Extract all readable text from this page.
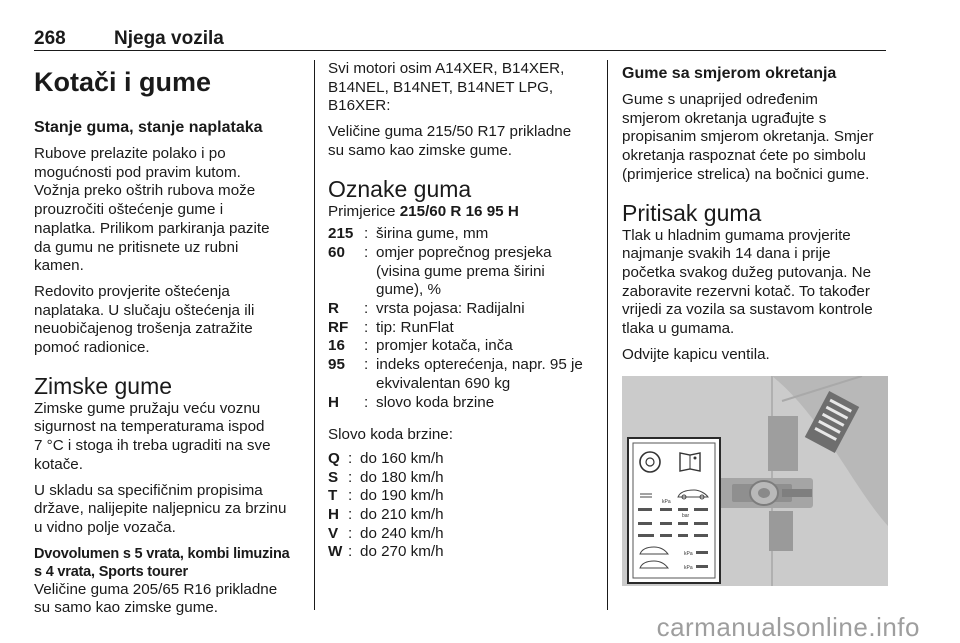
268	Njega vozila
Kotači i gume
Stanje guma, stanje naplataka

Rubove prelazite polako i po
mogućnosti pod pravim kutom.
Vožnja preko oštrih rubova može
prouzročiti oštećenje gume i
naplatka. Prilikom parkiranja pazite
da gumu ne pritisnete uz rubni
kamen.

Redovito provjerite oštećenja
naplataka. U slučaju oštećenja ili
neuobičajenog trošenja zatražite
pomoć radionice.

Zimske gume

Zimske gume pružaju veću voznu
sigurnost na temperaturama ispod
7 °C i stoga ih treba ugraditi na sve
kotače.

U skladu sa specifičnim propisima
države, nalijepite naljepnicu za brzinu
u vidno polje vozača.

Dvovolumen s 5 vrata, kombi limuzina
s 4 vrata, Sports tourer

Veličine guma 205/65 R16 prikladne
su samo kao zimske gume.

Svi motori osim A14XER, B14XER,
B14NEL, B14NET, B14NET LPG,
B16XER:

Veličine guma 215/50 R17 prikladne
su samo kao zimske gume.

Oznake guma

Primjerice 215/60 R 16 95 H

215	:	širina gume, mm
60	:	omjer poprečnog presjeka
(visina gume prema širini
gume), %
R	:	vrsta pojasa: Radijalni
RF	:	tip: RunFlat
16	:	promjer kotača, inča
95	:	indeks opterećenja, napr. 95 je
ekvivalentan 690 kg
H	:	slovo koda brzine

Slovo koda brzine:

Q	:	do 160 km/h
S	:	do 180 km/h
T	:	do 190 km/h
H	:	do 210 km/h
V	:	do 240 km/h
W	:	do 270 km/h
Gume sa smjerom okretanja

Gume s unaprijed određenim
smjerom okretanja ugrađujte s
propisanim smjerom okretanja. Smjer
okretanja raspoznat ćete po simbolu
(primjerice strelica) na bočnici gume.

Pritisak guma

Tlak u hladnim gumama provjerite
najmanje svakih 14 dana i prije
početka svakog dužeg putovanja. Ne
zaboravite rezervni kotač. To također
vrijedi za vozila sa sustavom kontrole
tlaka u gumama.

Odvijte kapicu ventila.

kPa
bar
kPa
kPa
carmanualsonline.info
